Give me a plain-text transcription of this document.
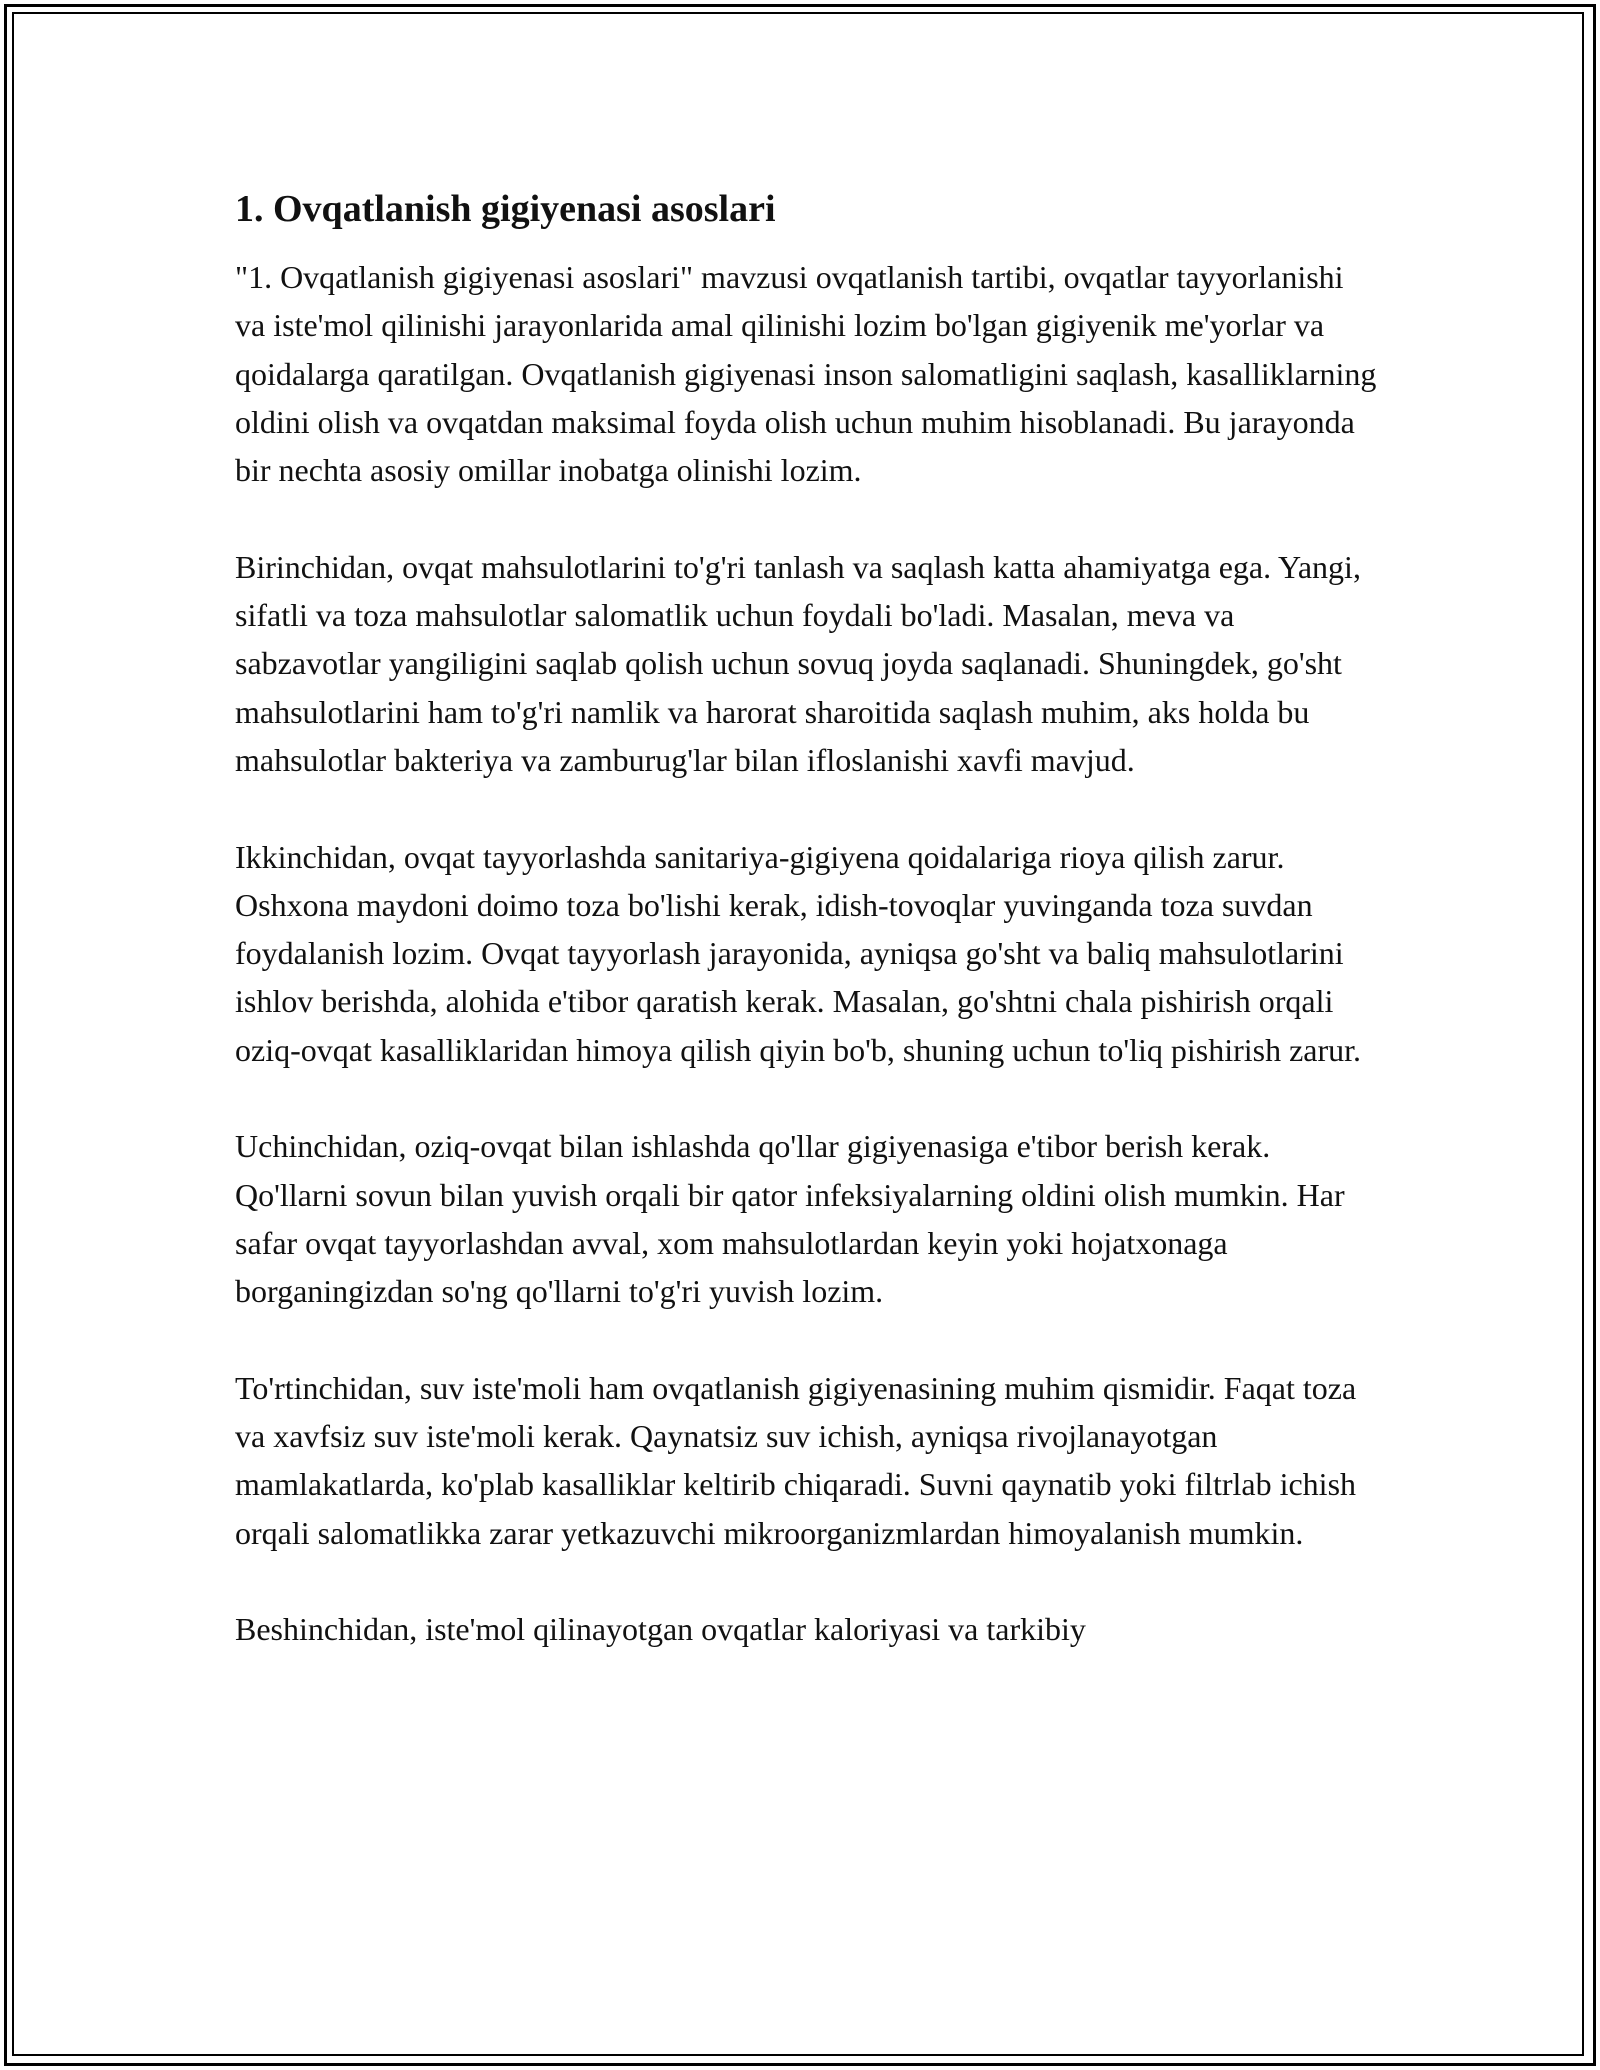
1. Ovqatlanish gigiyenasi asoslari

"1. Ovqatlanish gigiyenasi asoslari" mavzusi ovqatlanish tartibi, ovqatlar tayyorlanishi va iste'mol qilinishi jarayonlarida amal qilinishi lozim bo'lgan gigiyenik me'yorlar va qoidalarga qaratilgan. Ovqatlanish gigiyenasi inson salomatligini saqlash, kasalliklarning oldini olish va ovqatdan maksimal foyda olish uchun muhim hisoblanadi. Bu jarayonda bir nechta asosiy omillar inobatga olinishi lozim.

Birinchidan, ovqat mahsulotlarini to'g'ri tanlash va saqlash katta ahamiyatga ega. Yangi, sifatli va toza mahsulotlar salomatlik uchun foydali bo'ladi. Masalan, meva va sabzavotlar yangiligini saqlab qolish uchun sovuq joyda saqlanadi. Shuningdek, go'sht mahsulotlarini ham to'g'ri namlik va harorat sharoitida saqlash muhim, aks holda bu mahsulotlar bakteriya va zamburug'lar bilan ifloslanishi xavfi mavjud.

Ikkinchidan, ovqat tayyorlashda sanitariya-gigiyena qoidalariga rioya qilish zarur. Oshxona maydoni doimo toza bo'lishi kerak, idish-tovoqlar yuvinganda toza suvdan foydalanish lozim. Ovqat tayyorlash jarayonida, ayniqsa go'sht va baliq mahsulotlarini ishlov berishda, alohida e'tibor qaratish kerak. Masalan, go'shtni chala pishirish orqali oziq-ovqat kasalliklaridan himoya qilish qiyin bo'b, shuning uchun to'liq pishirish zarur.

Uchinchidan, oziq-ovqat bilan ishlashda qo'llar gigiyenasiga e'tibor berish kerak. Qo'llarni sovun bilan yuvish orqali bir qator infeksiyalarning oldini olish mumkin. Har safar ovqat tayyorlashdan avval, xom mahsulotlardan keyin yoki hojatxonaga borganingizdan so'ng qo'llarni to'g'ri yuvish lozim.

To'rtinchidan, suv iste'moli ham ovqatlanish gigiyenasining muhim qismidir. Faqat toza va xavfsiz suv iste'moli kerak. Qaynatsiz suv ichish, ayniqsa rivojlanayotgan mamlakatlarda, ko'plab kasalliklar keltirib chiqaradi. Suvni qaynatib yoki filtrlab ichish orqali salomatlikka zarar yetkazuvchi mikroorganizmlardan himoyalanish mumkin.

Beshinchidan, iste'mol qilinayotgan ovqatlar kaloriyasi va tarkibiy
